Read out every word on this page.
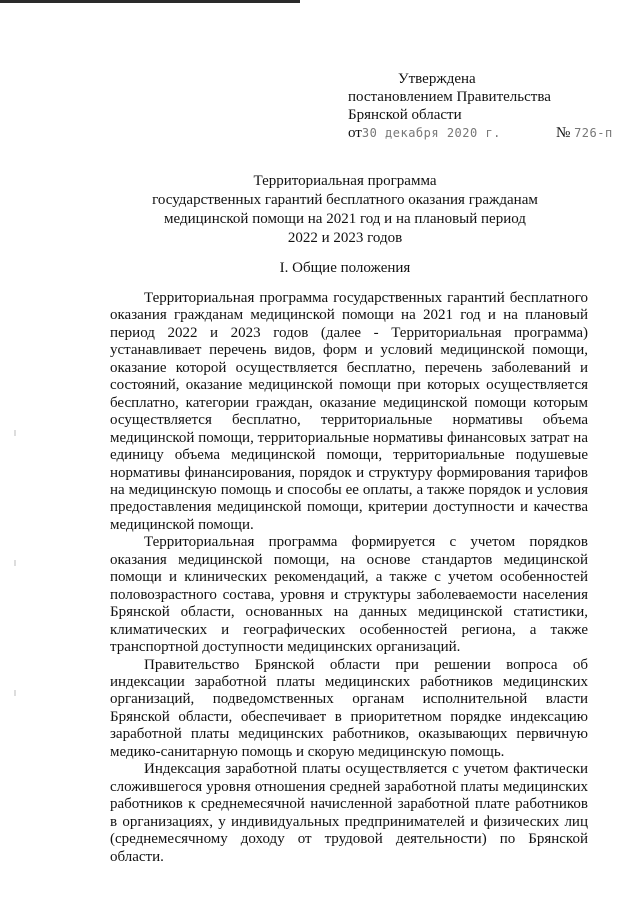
Утверждена
постановлением Правительства
Брянской области
от30 декабря 2020 г.	№ 726-п
Территориальная программа
государственных гарантий бесплатного оказания гражданам
медицинской помощи на 2021 год и на плановый период
2022 и 2023 годов
I. Общие положения

Территориальная программа государственных гарантий бесплатного оказания гражданам медицинской помощи на 2021 год и на плановый период 2022 и 2023 годов (далее - Территориальная программа) устанавливает перечень видов, форм и условий медицинской помощи, оказание которой осуществляется бесплатно, перечень заболеваний и состояний, оказание медицинской помощи при которых осуществляется бесплатно, категории граждан, оказание медицинской помощи которым осуществляется бесплатно, территориальные нормативы объема медицинской помощи, территориальные нормативы финансовых затрат на единицу объема медицинской помощи, территориальные подушевые нормативы финансирования, порядок и структуру формирования тарифов на медицинскую помощь и способы ее оплаты, а также порядок и условия предоставления медицинской помощи, критерии доступности и качества медицинской помощи.

Территориальная программа формируется с учетом порядков оказания медицинской помощи, на основе стандартов медицинской помощи и клинических рекомендаций, а также с учетом особенностей половозрастного состава, уровня и структуры заболеваемости населения Брянской области, основанных на данных медицинской статистики, климатических и географических особенностей региона, а также транспортной доступности медицинских организаций.

Правительство Брянской области при решении вопроса об индексации заработной платы медицинских работников медицинских организаций, подведомственных органам исполнительной власти Брянской области, обеспечивает в приоритетном порядке индексацию заработной платы медицинских работников, оказывающих первичную медико-санитарную помощь и скорую медицинскую помощь.

Индексация заработной платы осуществляется с учетом фактически сложившегося уровня отношения средней заработной платы медицинских работников к среднемесячной начисленной заработной плате работников в организациях, у индивидуальных предпринимателей и физических лиц (среднемесячному доходу от трудовой деятельности) по Брянской области.
